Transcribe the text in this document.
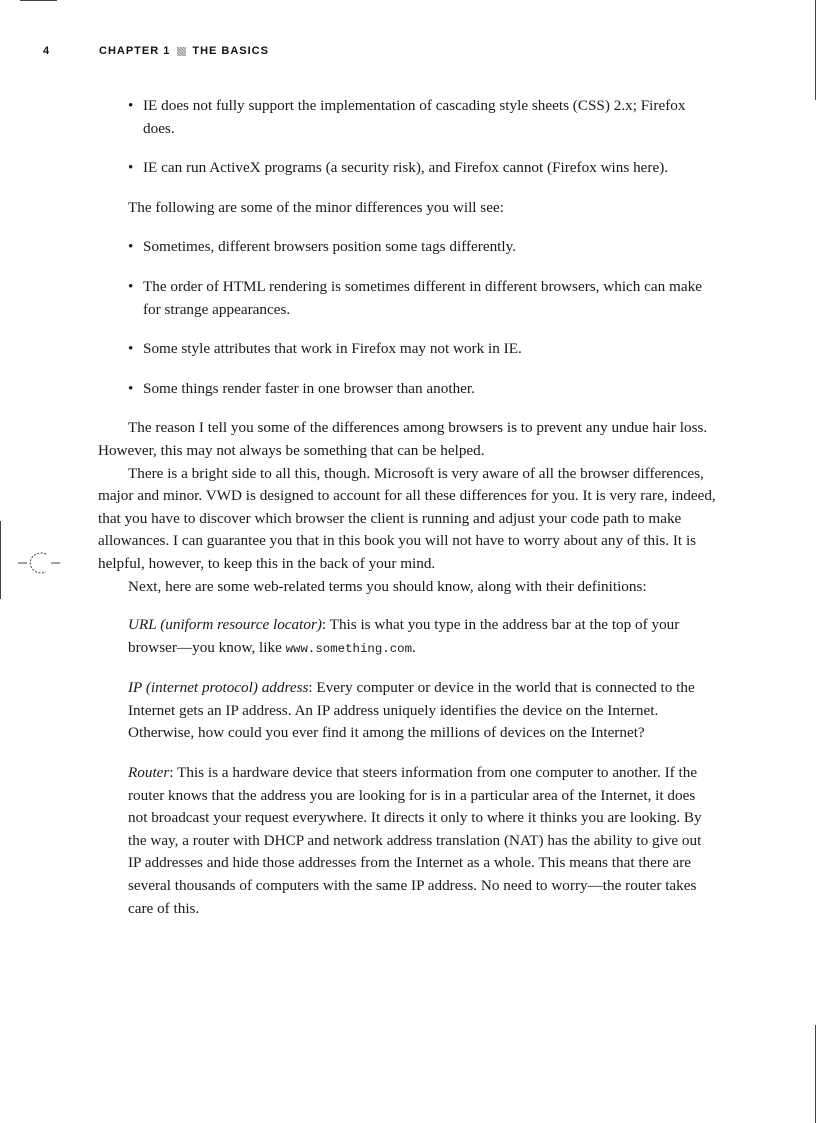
4	CHAPTER 1 THE BASICS

• IE does not fully support the implementation of cascading style sheets (CSS) 2.x; Firefox does.

• IE can run ActiveX programs (a security risk), and Firefox cannot (Firefox wins here).

The following are some of the minor differences you will see:

• Sometimes, different browsers position some tags differently.

• The order of HTML rendering is sometimes different in different browsers, which can make for strange appearances.

• Some style attributes that work in Firefox may not work in IE.

• Some things render faster in one browser than another.

The reason I tell you some of the differences among browsers is to prevent any undue hair loss. However, this may not always be something that can be helped.

There is a bright side to all this, though. Microsoft is very aware of all the browser differences, major and minor. VWD is designed to account for all these differences for you. It is very rare, indeed, that you have to discover which browser the client is running and adjust your code path to make allowances. I can guarantee you that in this book you will not have to worry about any of this. It is helpful, however, to keep this in the back of your mind.

Next, here are some web-related terms you should know, along with their definitions:

URL (uniform resource locator): This is what you type in the address bar at the top of your browser—you know, like www.something.com.

IP (internet protocol) address: Every computer or device in the world that is connected to the Internet gets an IP address. An IP address uniquely identifies the device on the Internet. Otherwise, how could you ever find it among the millions of devices on the Internet?

Router: This is a hardware device that steers information from one computer to another. If the router knows that the address you are looking for is in a particular area of the Internet, it does not broadcast your request everywhere. It directs it only to where it thinks you are looking. By the way, a router with DHCP and network address translation (NAT) has the ability to give out IP addresses and hide those addresses from the Internet as a whole. This means that there are several thousands of computers with the same IP address. No need to worry—the router takes care of this.
